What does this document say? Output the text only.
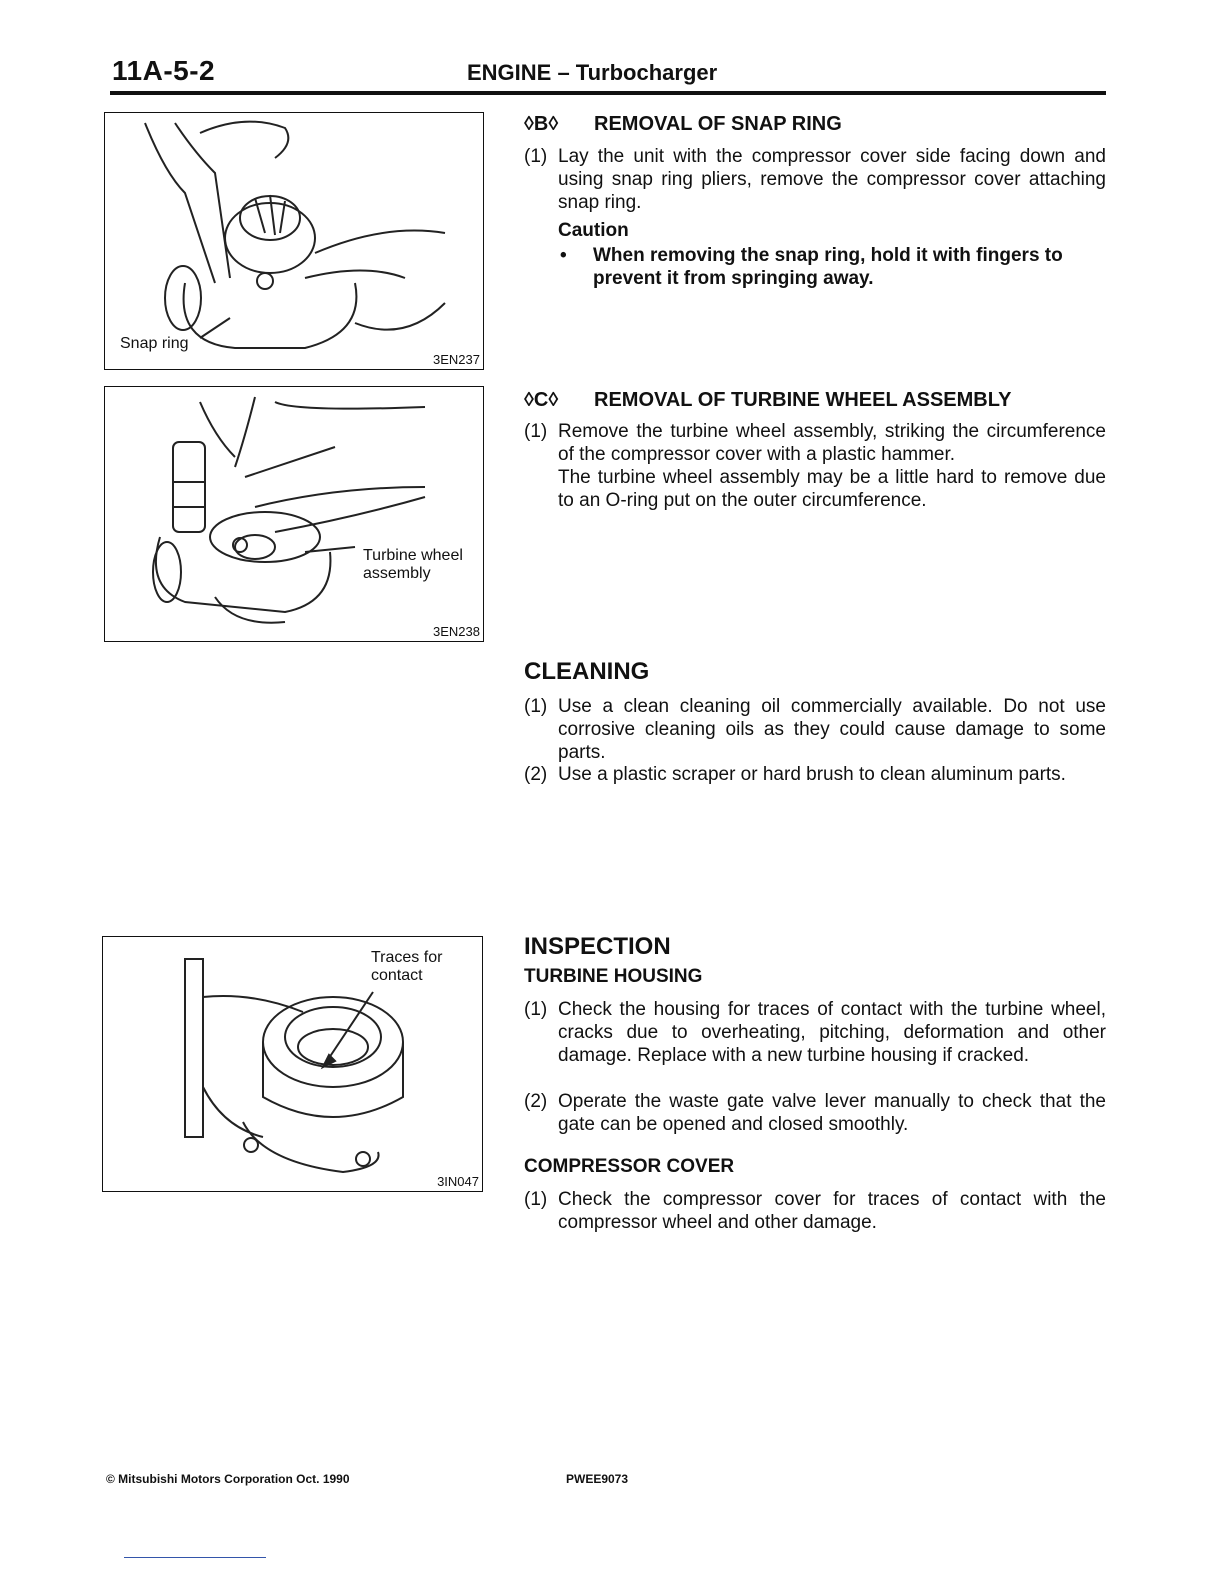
11A-5-2	ENGINE – Turbocharger
Snap ring
3EN237
Turbine wheel
assembly
3EN238
Traces for
contact
3IN047
◊B◊ REMOVAL OF SNAP RING
(1) Lay the unit with the compressor cover side facing down and using snap ring pliers, remove the compressor cover attaching snap ring.
Caution
• When removing the snap ring, hold it with fingers to prevent it from springing away.
◊C◊ REMOVAL OF TURBINE WHEEL ASSEMBLY
(1) Remove the turbine wheel assembly, striking the circumference of the compressor cover with a plastic hammer.
The turbine wheel assembly may be a little hard to remove due to an O-ring put on the outer circumference.
CLEANING
(1) Use a clean cleaning oil commercially available. Do not use corrosive cleaning oils as they could cause damage to some parts.
(2) Use a plastic scraper or hard brush to clean aluminum parts.
INSPECTION
TURBINE HOUSING
(1) Check the housing for traces of contact with the turbine wheel, cracks due to overheating, pitching, deformation and other damage. Replace with a new turbine housing if cracked.
(2) Operate the waste gate valve lever manually to check that the gate can be opened and closed smoothly.
COMPRESSOR COVER
(1) Check the compressor cover for traces of contact with the compressor wheel and other damage.
© Mitsubishi Motors Corporation Oct. 1990	PWEE9073
